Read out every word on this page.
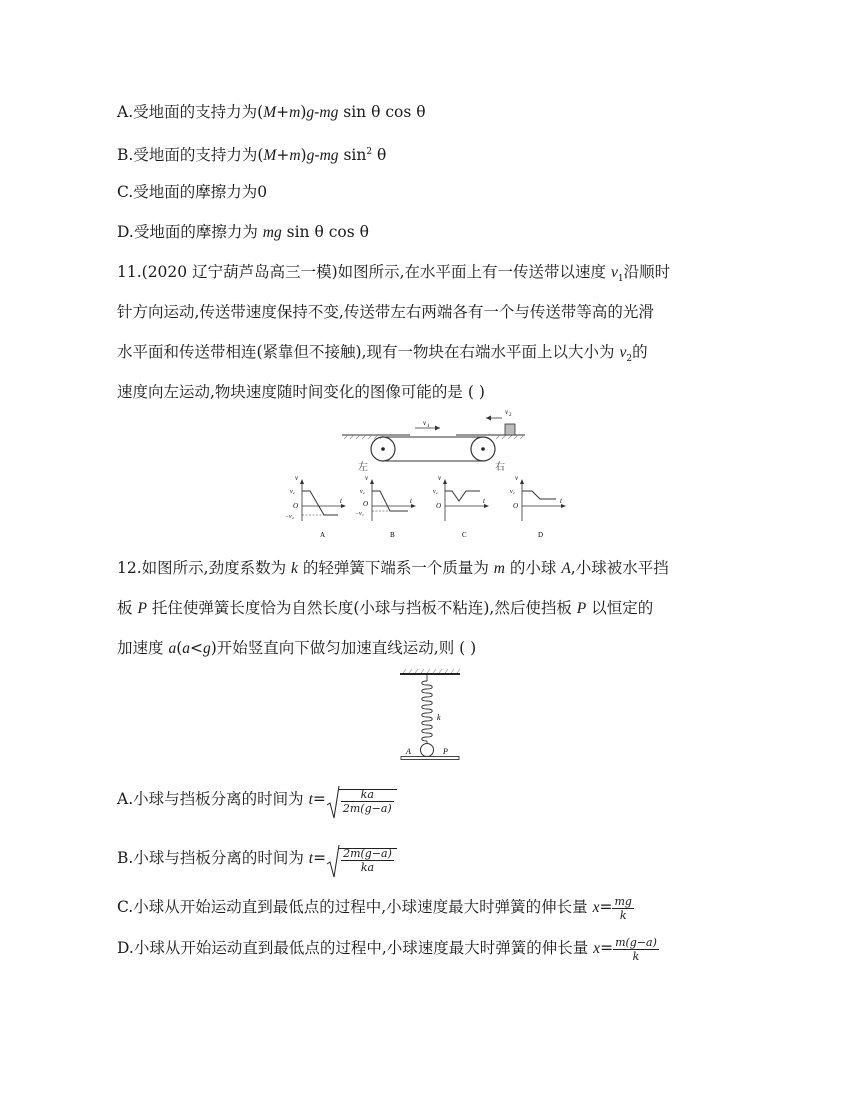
A.受地面的支持力为(M+m)g-mg sin θ cos θ
B.受地面的支持力为(M+m)g-mg $\sin^2 \theta$
C.受地面的摩擦力为0
D.受地面的摩擦力为 mg sin θ cos θ
11.(2020 辽宁葫芦岛高三一模)如图所示,在水平面上有一传送带以速度 $v_1$沿顺时
针方向运动,传送带速度保持不变,传送带左右两端各有一个与传送带等高的光滑
水平面和传送带相连(紧靠但不接触),现有一物块在右端水平面上以大小为 $v_2$的
速度向左运动,物块速度随时间变化的图像可能的是 ( )
v 1
v 2
左	右
v
v₂
O
−v₂
t
A
v
v₂
O
−v₁
t
B
v
v₂
O
t
C
v
v₂
O
t
D
12.如图所示,劲度系数为 k 的轻弹簧下端系一个质量为 m 的小球 A,小球被水平挡
板 P 托住使弹簧长度恰为自然长度(小球与挡板不粘连),然后使挡板 P 以恒定的
加速度 a(a<g)开始竖直向下做匀加速直线运动,则 ( )
k
A	P
A.小球与挡板分离的时间为 $t= \frac{ka}{2m(g-a)}$
B.小球与挡板分离的时间为 $t= \frac{2m(g-a)}{ka}$
C.小球从开始运动直到最低点的过程中,小球速度最大时弹簧的伸长量 $x= \frac{mg}{k}$
D.小球从开始运动直到最低点的过程中,小球速度最大时弹簧的伸长量 $x= \frac{m(g-a)}{k}$
